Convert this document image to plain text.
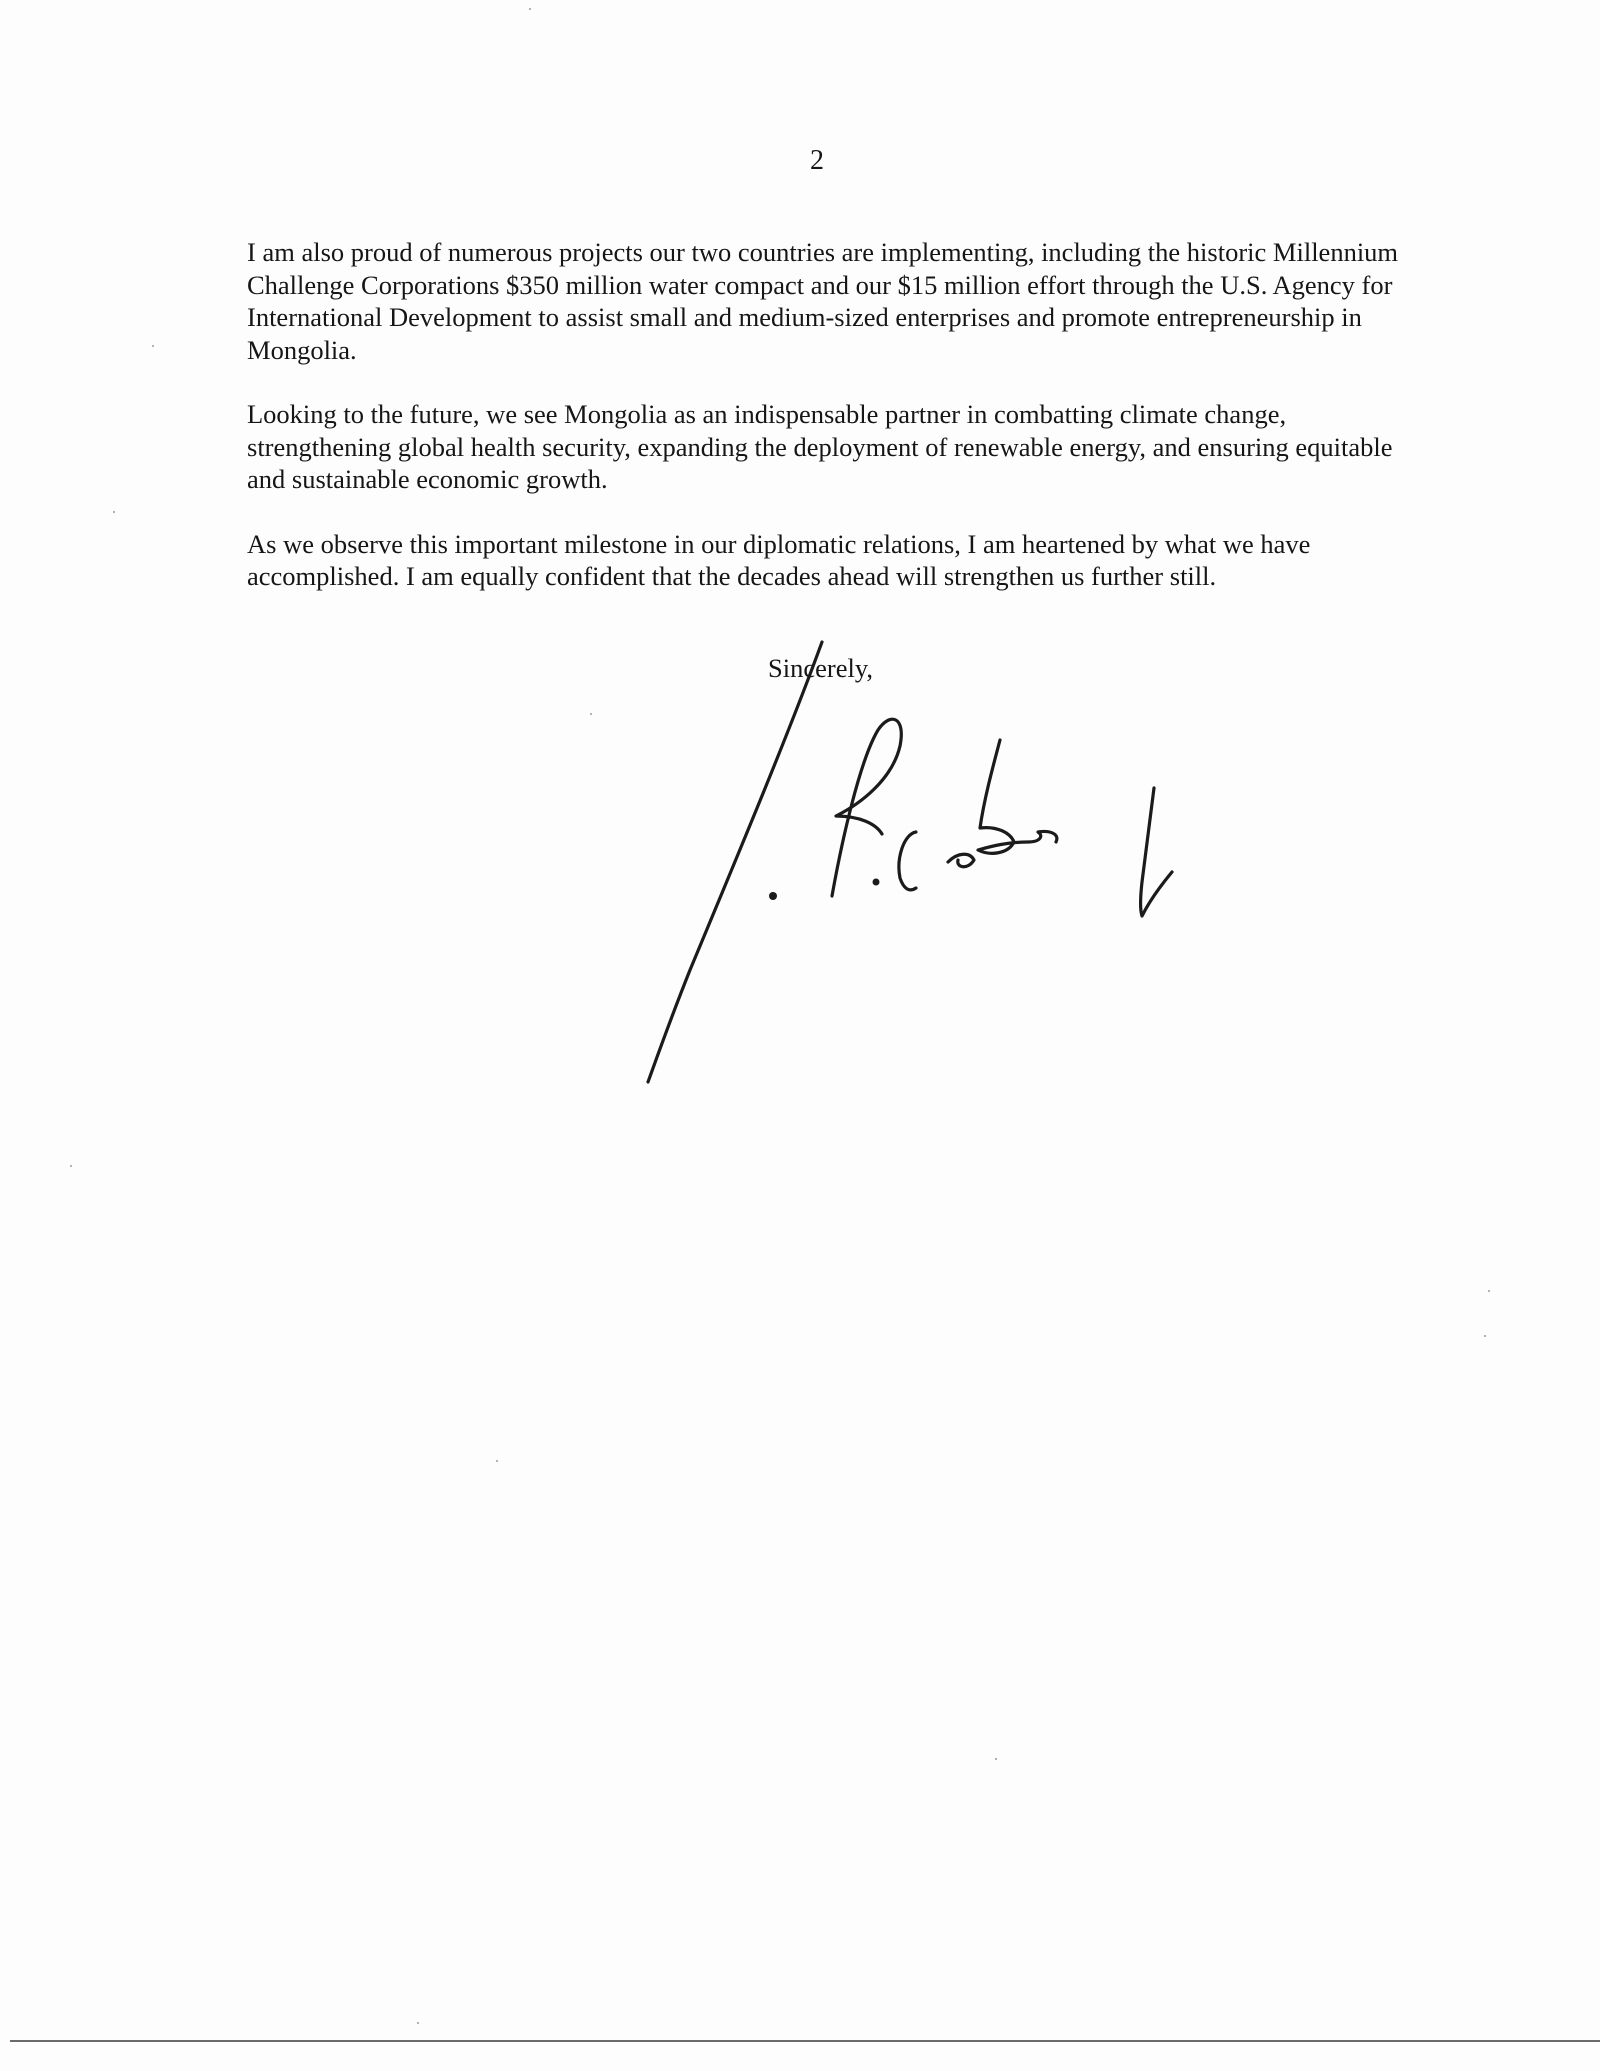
2

I am also proud of numerous projects our two countries are implementing, including the historic Millennium Challenge Corporations $350 million water compact and our $15 million effort through the U.S. Agency for International Development to assist small and medium-sized enterprises and promote entrepreneurship in Mongolia.

Looking to the future, we see Mongolia as an indispensable partner in combatting climate change, strengthening global health security, expanding the deployment of renewable energy, and ensuring equitable and sustainable economic growth.

As we observe this important milestone in our diplomatic relations, I am heartened by what we have accomplished. I am equally confident that the decades ahead will strengthen us further still.

Sincerely,
